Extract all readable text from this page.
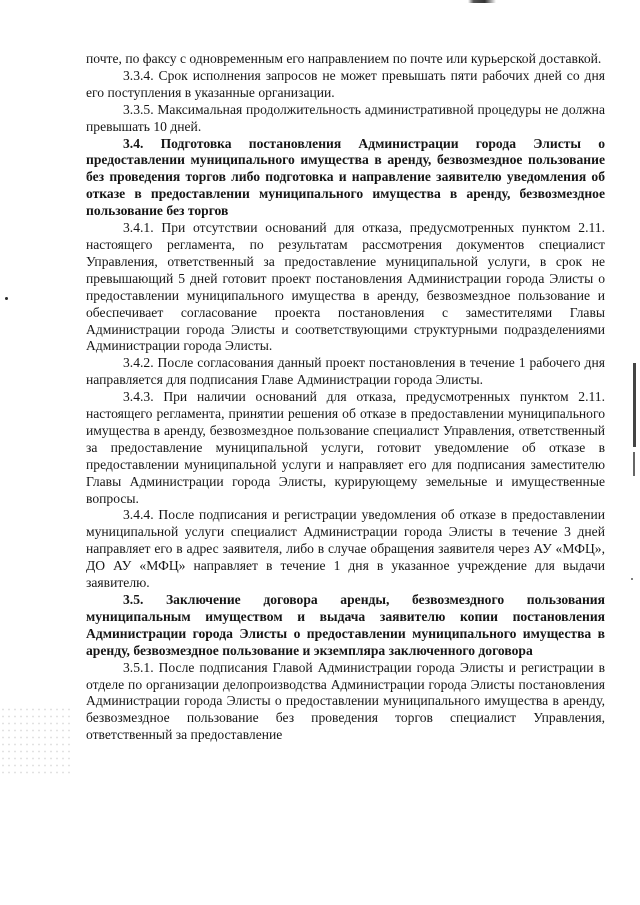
почте, по факсу с одновременным его направлением по почте или курьерской доставкой.

3.3.4. Срок исполнения запросов не может превышать пяти рабочих дней со дня его поступления в указанные организации.

3.3.5. Максимальная продолжительность административной процедуры не должна превышать 10 дней.

3.4. Подготовка постановления Администрации города Элисты о предоставлении муниципального имущества в аренду, безвозмездное пользование без проведения торгов либо подготовка и направление заявителю уведомления об отказе в предоставлении муниципального имущества в аренду, безвозмездное пользование без торгов

3.4.1. При отсутствии оснований для отказа, предусмотренных пунктом 2.11. настоящего регламента, по результатам рассмотрения документов специалист Управления, ответственный за предоставление муниципальной услуги, в срок не превышающий 5 дней готовит проект постановления Администрации города Элисты о предоставлении муниципального имущества в аренду, безвозмездное пользование и обеспечивает согласование проекта постановления с заместителями Главы Администрации города Элисты и соответствующими структурными подразделениями Администрации города Элисты.

3.4.2. После согласования данный проект постановления в течение 1 рабочего дня направляется для подписания Главе Администрации города Элисты.

3.4.3. При наличии оснований для отказа, предусмотренных пунктом 2.11. настоящего регламента, принятии решения об отказе в предоставлении муниципального имущества в аренду, безвозмездное пользование специалист Управления, ответственный за предоставление муниципальной услуги, готовит уведомление об отказе в предоставлении муниципальной услуги и направляет его для подписания заместителю Главы Администрации города Элисты, курирующему земельные и имущественные вопросы.

3.4.4. После подписания и регистрации уведомления об отказе в предоставлении муниципальной услуги специалист Администрации города Элисты в течение 3 дней направляет его в адрес заявителя, либо в случае обращения заявителя через АУ «МФЦ», ДО АУ «МФЦ» направляет в течение 1 дня в указанное учреждение для выдачи заявителю.

3.5. Заключение договора аренды, безвозмездного пользования муниципальным имуществом и выдача заявителю копии постановления Администрации города Элисты о предоставлении муниципального имущества в аренду, безвозмездное пользование и экземпляра заключенного договора

3.5.1. После подписания Главой Администрации города Элисты и регистрации в отделе по организации делопроизводства Администрации города Элисты постановления Администрации города Элисты о предоставлении муниципального имущества в аренду, безвозмездное пользование без проведения торгов специалист Управления, ответственный за предоставление
